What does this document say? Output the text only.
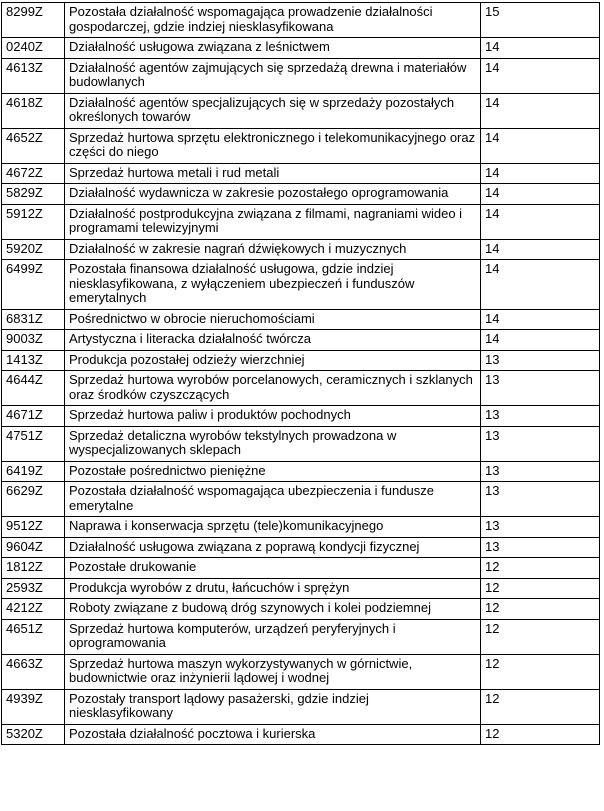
8299Z	Pozostała działalność wspomagająca prowadzenie działalności gospodarczej, gdzie indziej niesklasyfikowana	15
0240Z	Działalność usługowa związana z leśnictwem	14
4613Z	Działalność agentów zajmujących się sprzedażą drewna i materiałów budowlanych	14
4618Z	Działalność agentów specjalizujących się w sprzedaży pozostałych określonych towarów	14
4652Z	Sprzedaż hurtowa sprzętu elektronicznego i telekomunikacyjnego oraz części do niego	14
4672Z	Sprzedaż hurtowa metali i rud metali	14
5829Z	Działalność wydawnicza w zakresie pozostałego oprogramowania	14
5912Z	Działalność postprodukcyjna związana z filmami, nagraniami wideo i programami telewizyjnymi	14
5920Z	Działalność w zakresie nagrań dźwiękowych i muzycznych	14
6499Z	Pozostała finansowa działalność usługowa, gdzie indziej niesklasyfikowana, z wyłączeniem ubezpieczeń i funduszów emerytalnych	14
6831Z	Pośrednictwo w obrocie nieruchomościami	14
9003Z	Artystyczna i literacka działalność twórcza	14
1413Z	Produkcja pozostałej odzieży wierzchniej	13
4644Z	Sprzedaż hurtowa wyrobów porcelanowych, ceramicznych i szklanych oraz środków czyszczących	13
4671Z	Sprzedaż hurtowa paliw i produktów pochodnych	13
4751Z	Sprzedaż detaliczna wyrobów tekstylnych prowadzona w wyspecjalizowanych sklepach	13
6419Z	Pozostałe pośrednictwo pieniężne	13
6629Z	Pozostała działalność wspomagająca ubezpieczenia i fundusze emerytalne	13
9512Z	Naprawa i konserwacja sprzętu (tele)komunikacyjnego	13
9604Z	Działalność usługowa związana z poprawą kondycji fizycznej	13
1812Z	Pozostałe drukowanie	12
2593Z	Produkcja wyrobów z drutu, łańcuchów i sprężyn	12
4212Z	Roboty związane z budową dróg szynowych i kolei podziemnej	12
4651Z	Sprzedaż hurtowa komputerów, urządzeń peryferyjnych i oprogramowania	12
4663Z	Sprzedaż hurtowa maszyn wykorzystywanych w górnictwie, budownictwie oraz inżynierii lądowej i wodnej	12
4939Z	Pozostały transport lądowy pasażerski, gdzie indziej niesklasyfikowany	12
5320Z	Pozostała działalność pocztowa i kurierska	12
